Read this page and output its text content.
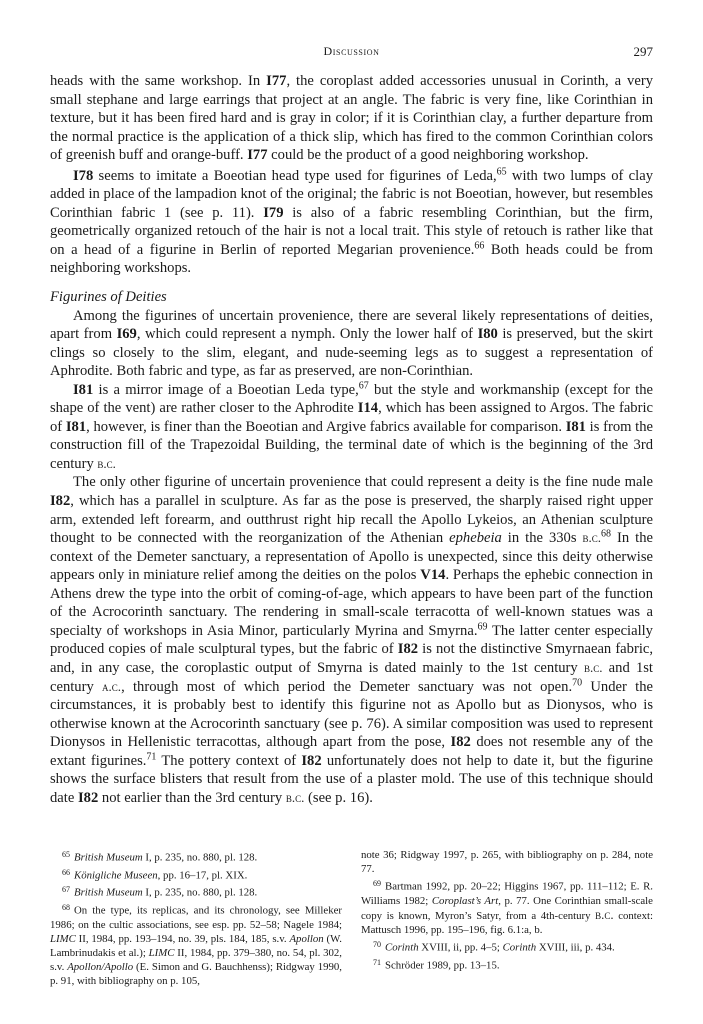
Discussion	297

heads with the same workshop. In I77, the coroplast added accessories unusual in Corinth, a very small stephane and large earrings that project at an angle. The fabric is very fine, like Corinthian in texture, but it has been fired hard and is gray in color; if it is Corinthian clay, a further departure from the normal practice is the application of a thick slip, which has fired to the common Corinthian colors of greenish buff and orange-buff. I77 could be the product of a good neighboring workshop.

I78 seems to imitate a Boeotian head type used for figurines of Leda,$^{65}$ with two lumps of clay added in place of the lampadion knot of the original; the fabric is not Boeotian, however, but resembles Corinthian fabric 1 (see p. 11). I79 is also of a fabric resembling Corinthian, but the firm, geometrically organized retouch of the hair is not a local trait. This style of retouch is rather like that on a head of a figurine in Berlin of reported Megarian provenience.$^{66}$ Both heads could be from neighboring workshops.

Figurines of Deities

Among the figurines of uncertain provenience, there are several likely representations of deities, apart from I69, which could represent a nymph. Only the lower half of I80 is preserved, but the skirt clings so closely to the slim, elegant, and nude-seeming legs as to suggest a representation of Aphrodite. Both fabric and type, as far as preserved, are non-Corinthian.

I81 is a mirror image of a Boeotian Leda type,$^{67}$ but the style and workmanship (except for the shape of the vent) are rather closer to the Aphrodite I14, which has been assigned to Argos. The fabric of I81, however, is finer than the Boeotian and Argive fabrics available for comparison. I81 is from the construction fill of the Trapezoidal Building, the terminal date of which is the beginning of the 3rd century b.c.

The only other figurine of uncertain provenience that could represent a deity is the fine nude male I82, which has a parallel in sculpture. As far as the pose is preserved, the sharply raised right upper arm, extended left forearm, and outthrust right hip recall the Apollo Lykeios, an Athenian sculpture thought to be connected with the reorganization of the Athenian ephebeia in the 330s b.c.$^{68}$ In the context of the Demeter sanctuary, a representation of Apollo is unexpected, since this deity otherwise appears only in miniature relief among the deities on the polos V14. Perhaps the ephebic connection in Athens drew the type into the orbit of coming-of-age, which appears to have been part of the function of the Acrocorinth sanctuary. The rendering in small-scale terracotta of well-known statues was a specialty of workshops in Asia Minor, particularly Myrina and Smyrna.$^{69}$ The latter center especially produced copies of male sculptural types, but the fabric of I82 is not the distinctive Smyrnaean fabric, and, in any case, the coroplastic output of Smyrna is dated mainly to the 1st century b.c. and 1st century a.c., through most of which period the Demeter sanctuary was not open.$^{70}$ Under the circumstances, it is probably best to identify this figurine not as Apollo but as Dionysos, who is otherwise known at the Acrocorinth sanctuary (see p. 76). A similar composition was used to represent Dionysos in Hellenistic terracottas, although apart from the pose, I82 does not resemble any of the extant figurines.$^{71}$ The pottery context of I82 unfortunately does not help to date it, but the figurine shows the surface blisters that result from the use of a plaster mold. The use of this technique should date I82 not earlier than the 3rd century b.c. (see p. 16).

$^{65}$ British Museum I, p. 235, no. 880, pl. 128.

$^{66}$ Königliche Museen, pp. 16–17, pl. XIX.

$^{67}$ British Museum I, p. 235, no. 880, pl. 128.

$^{68}$ On the type, its replicas, and its chronology, see Milleker 1986; on the cultic associations, see esp. pp. 52–58; Nagele 1984; LIMC II, 1984, pp. 193–194, no. 39, pls. 184, 185, s.v. Apollon (W. Lambrinudakis et al.); LIMC II, 1984, pp. 379–380, no. 54, pl. 302, s.v. Apollon/Apollo (E. Simon and G. Bauchhenss); Ridgway 1990, p. 91, with bibliography on p. 105,

note 36; Ridgway 1997, p. 265, with bibliography on p. 284, note 77.

$^{69}$ Bartman 1992, pp. 20–22; Higgins 1967, pp. 111–112; E. R. Williams 1982; Coroplast’s Art, p. 77. One Corinthian small-scale copy is known, Myron’s Satyr, from a 4th-century b.c. context: Mattusch 1996, pp. 195–196, fig. 6.1:a, b.

$^{70}$ Corinth XVIII, ii, pp. 4–5; Corinth XVIII, iii, p. 434.

$^{71}$ Schröder 1989, pp. 13–15.
